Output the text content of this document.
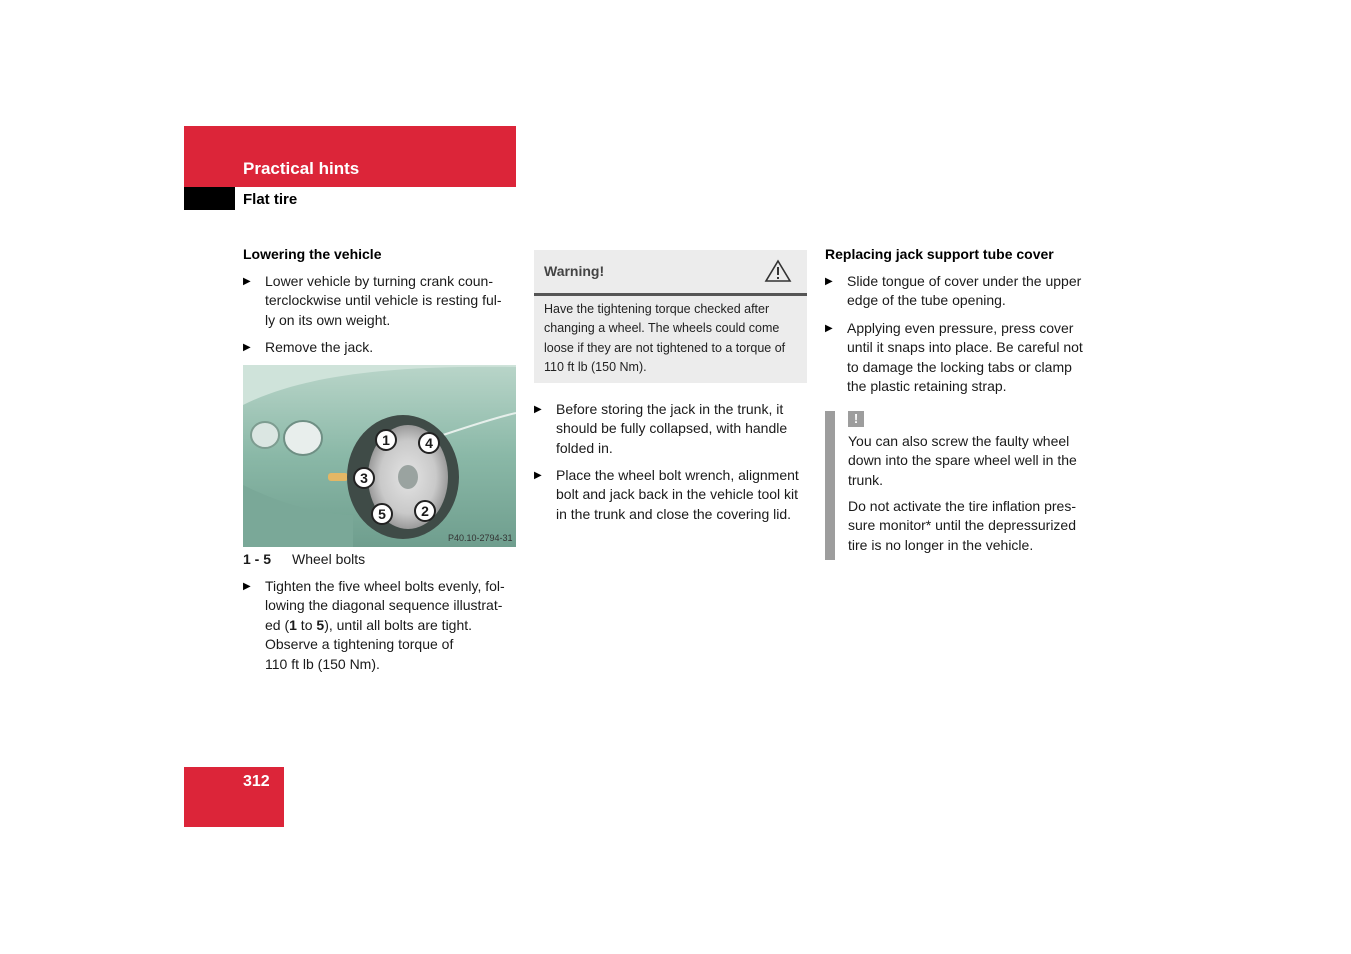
Practical hints
Flat tire
Lowering the vehicle
▶ Lower vehicle by turning crank coun-
terclockwise until vehicle is resting ful-
ly on its own weight.
▶ Remove the jack.
P40.10-2794-31
1
2
3
4
5
1 - 5 Wheel bolts
▶ Tighten the five wheel bolts evenly, fol-
lowing the diagonal sequence illustrat-
ed (1 to 5), until all bolts are tight.
Observe a tightening torque of
110 ft lb (150 Nm).
Warning!
Have the tightening torque checked after
changing a wheel. The wheels could come
loose if they are not tightened to a torque of
110 ft lb (150 Nm).
▶ Before storing the jack in the trunk, it
should be fully collapsed, with handle
folded in.
▶ Place the wheel bolt wrench, alignment
bolt and jack back in the vehicle tool kit
in the trunk and close the covering lid.
Replacing jack support tube cover
▶ Slide tongue of cover under the upper
edge of the tube opening.
▶ Applying even pressure, press cover
until it snaps into place. Be careful not
to damage the locking tabs or clamp
the plastic retaining strap.
!
You can also screw the faulty wheel
down into the spare wheel well in the
trunk.
Do not activate the tire inflation pres-
sure monitor* until the depressurized
tire is no longer in the vehicle.
312
